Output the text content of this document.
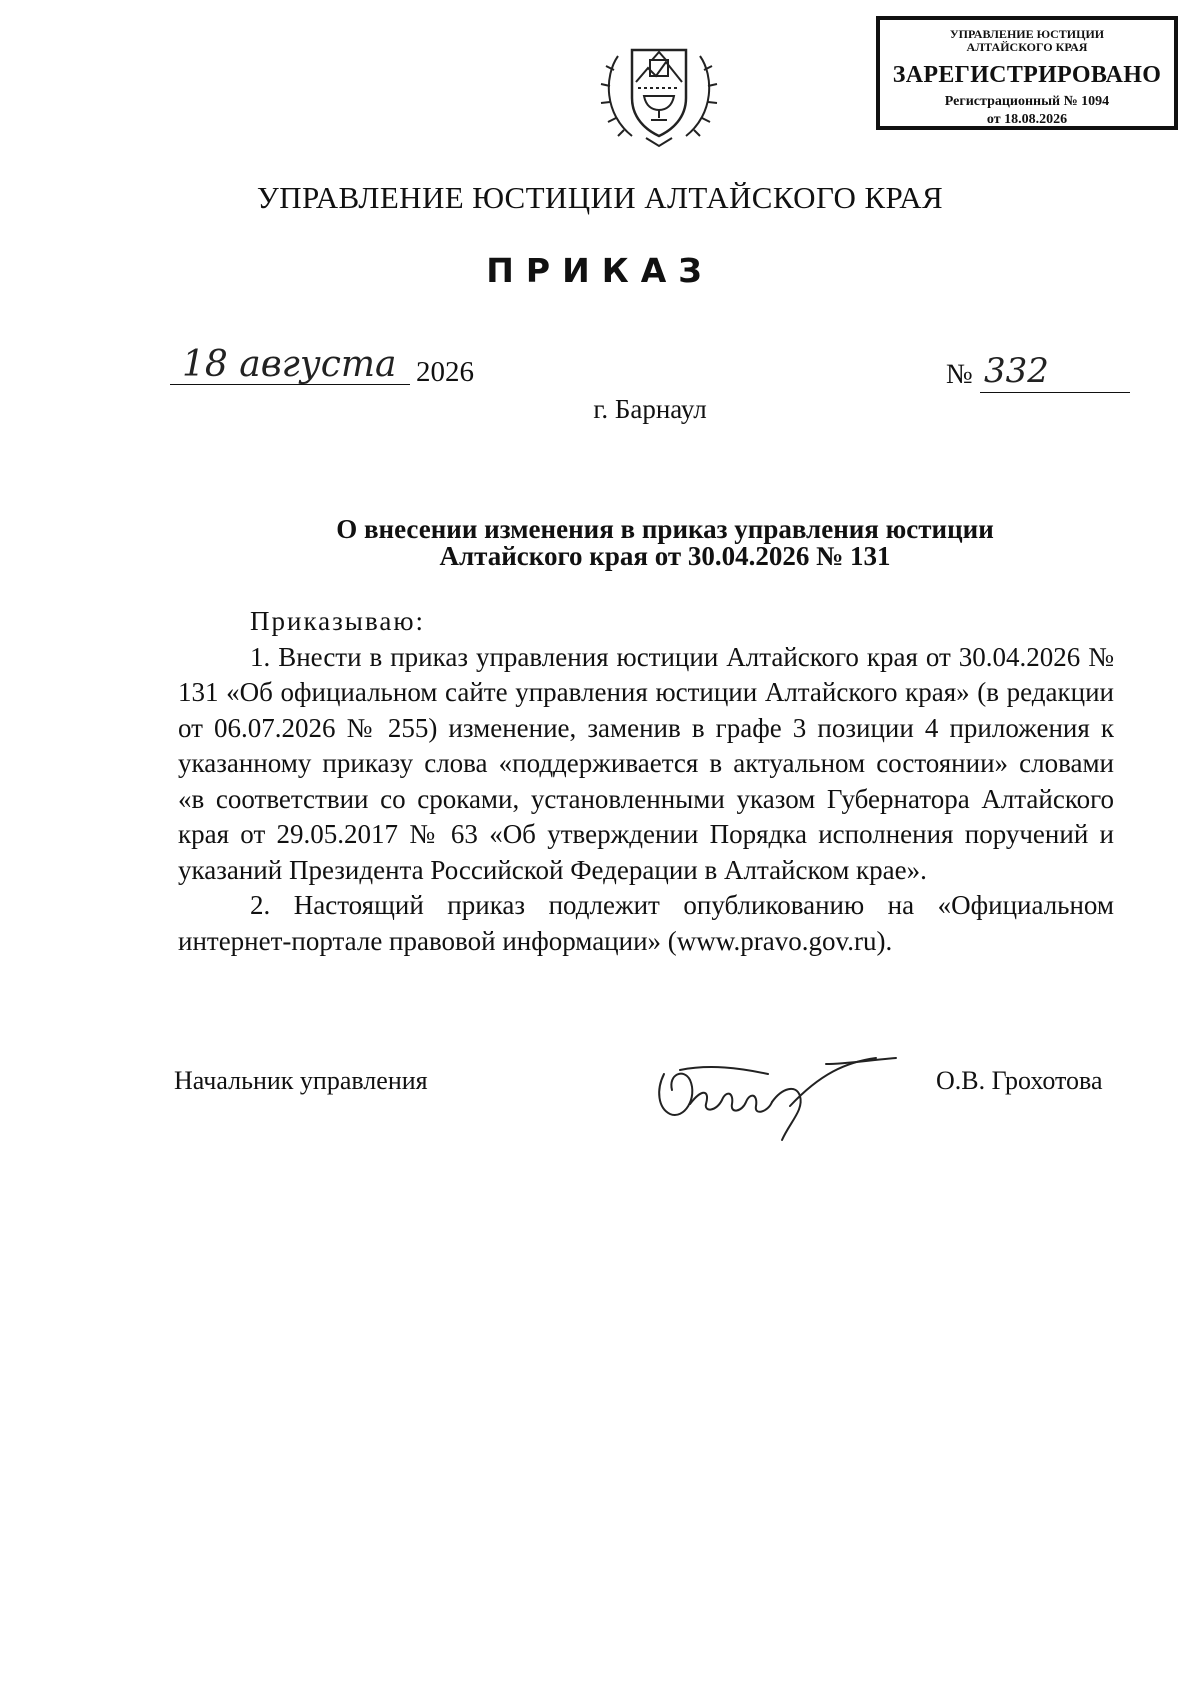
УПРАВЛЕНИЕ ЮСТИЦИИ
АЛТАЙСКОГО КРАЯ
ЗАРЕГИСТРИРОВАНО
Регистрационный № 1094
от 18.08.2026
УПРАВЛЕНИЕ ЮСТИЦИИ АЛТАЙСКОГО КРАЯ
ПРИКАЗ
18 августа 2026	№ 332
г. Барнаул
О внесении изменения в приказ управления юстиции
Алтайского края от 30.04.2026 № 131
Приказываю:

1. Внести в приказ управления юстиции Алтайского края от 30.04.2026 № 131 «Об официальном сайте управления юстиции Алтайского края» (в редакции от 06.07.2026 № 255) изменение, заменив в графе 3 позиции 4 приложения к указанному приказу слова «поддерживается в актуальном состоянии» словами «в соответствии со сроками, установленными указом Губернатора Алтайского края от 29.05.2017 № 63 «Об утверждении Порядка исполнения поручений и указаний Президента Российской Федерации в Алтайском крае».

2. Настоящий приказ подлежит опубликованию на «Официальном интернет-портале правовой информации» (www.pravo.gov.ru).

Начальник управления	О.В. Грохотова
